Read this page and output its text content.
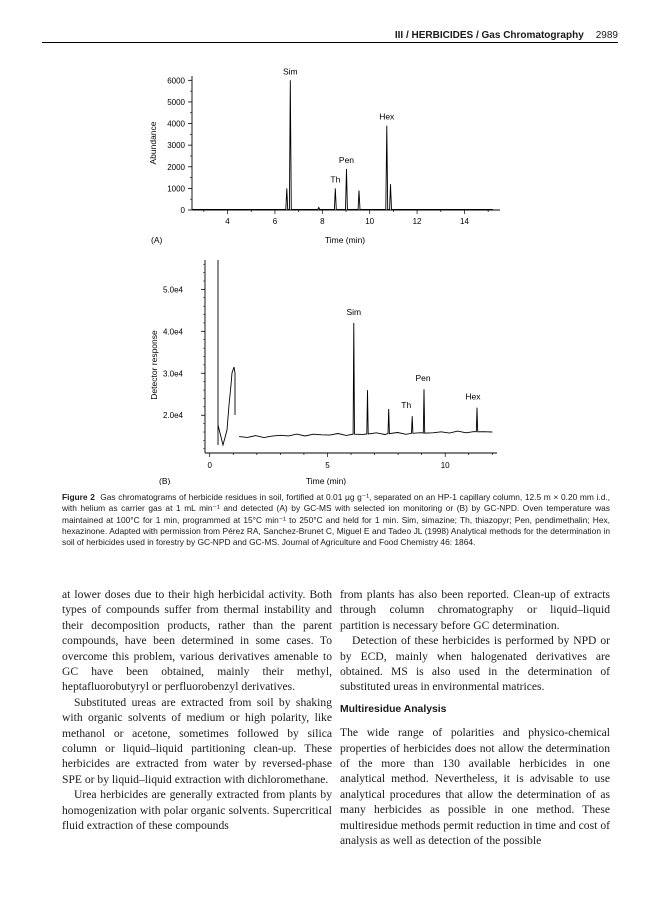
III / HERBICIDES / Gas Chromatography 2989
Abundance
0
1000
2000
3000
4000
5000
6000
4	6	8	10	12	14
Sim
Th
Pen
Hex
Time (min)
(A)
Detector response
2.0e4
3.0e4
4.0e4
5.0e4
0	5	10
Sim
Th
Pen
Hex
Time (min)
(B)
Figure 2 Gas chromatograms of herbicide residues in soil, fortified at 0.01 μg g⁻¹, separated on an HP-1 capillary column, 12.5 m × 0.20 mm i.d., with helium as carrier gas at 1 mL min⁻¹ and detected (A) by GC-MS with selected ion monitoring or (B) by GC-NPD. Oven temperature was maintained at 100°C for 1 min, programmed at 15°C min⁻¹ to 250°C and held for 1 min. Sim, simazine; Th, thiazopyr; Pen, pendimethalin; Hex, hexazinone. Adapted with permission from Pérez RA, Sanchez-Brunet C, Miguel E and Tadeo JL (1998) Analytical methods for the determination in soil of herbicides used in forestry by GC-NPD and GC-MS. Journal of Agriculture and Food Chemistry 46: 1864.

at lower doses due to their high herbicidal activity. Both types of compounds suffer from thermal instability and their decomposition products, rather than the parent compounds, have been determined in some cases. To overcome this problem, various derivatives amenable to GC have been obtained, mainly their methyl, heptafluorobutyryl or perfluorobenzyl derivatives.

Substituted ureas are extracted from soil by shaking with organic solvents of medium or high polarity, like methanol or acetone, sometimes followed by silica column or liquid–liquid partitioning clean-up. These herbicides are extracted from water by reversed-phase SPE or by liquid–liquid extraction with dichloromethane.

Urea herbicides are generally extracted from plants by homogenization with polar organic solvents. Supercritical fluid extraction of these compounds

from plants has also been reported. Clean-up of extracts through column chromatography or liquid–liquid partition is necessary before GC determination.

Detection of these herbicides is performed by NPD or by ECD, mainly when halogenated derivatives are obtained. MS is also used in the determination of substituted ureas in environmental matrices.

Multiresidue Analysis

The wide range of polarities and physico-chemical properties of herbicides does not allow the determination of the more than 130 available herbicides in one analytical method. Nevertheless, it is advisable to use analytical procedures that allow the determination of as many herbicides as possible in one method. These multiresidue methods permit reduction in time and cost of analysis as well as detection of the possible
